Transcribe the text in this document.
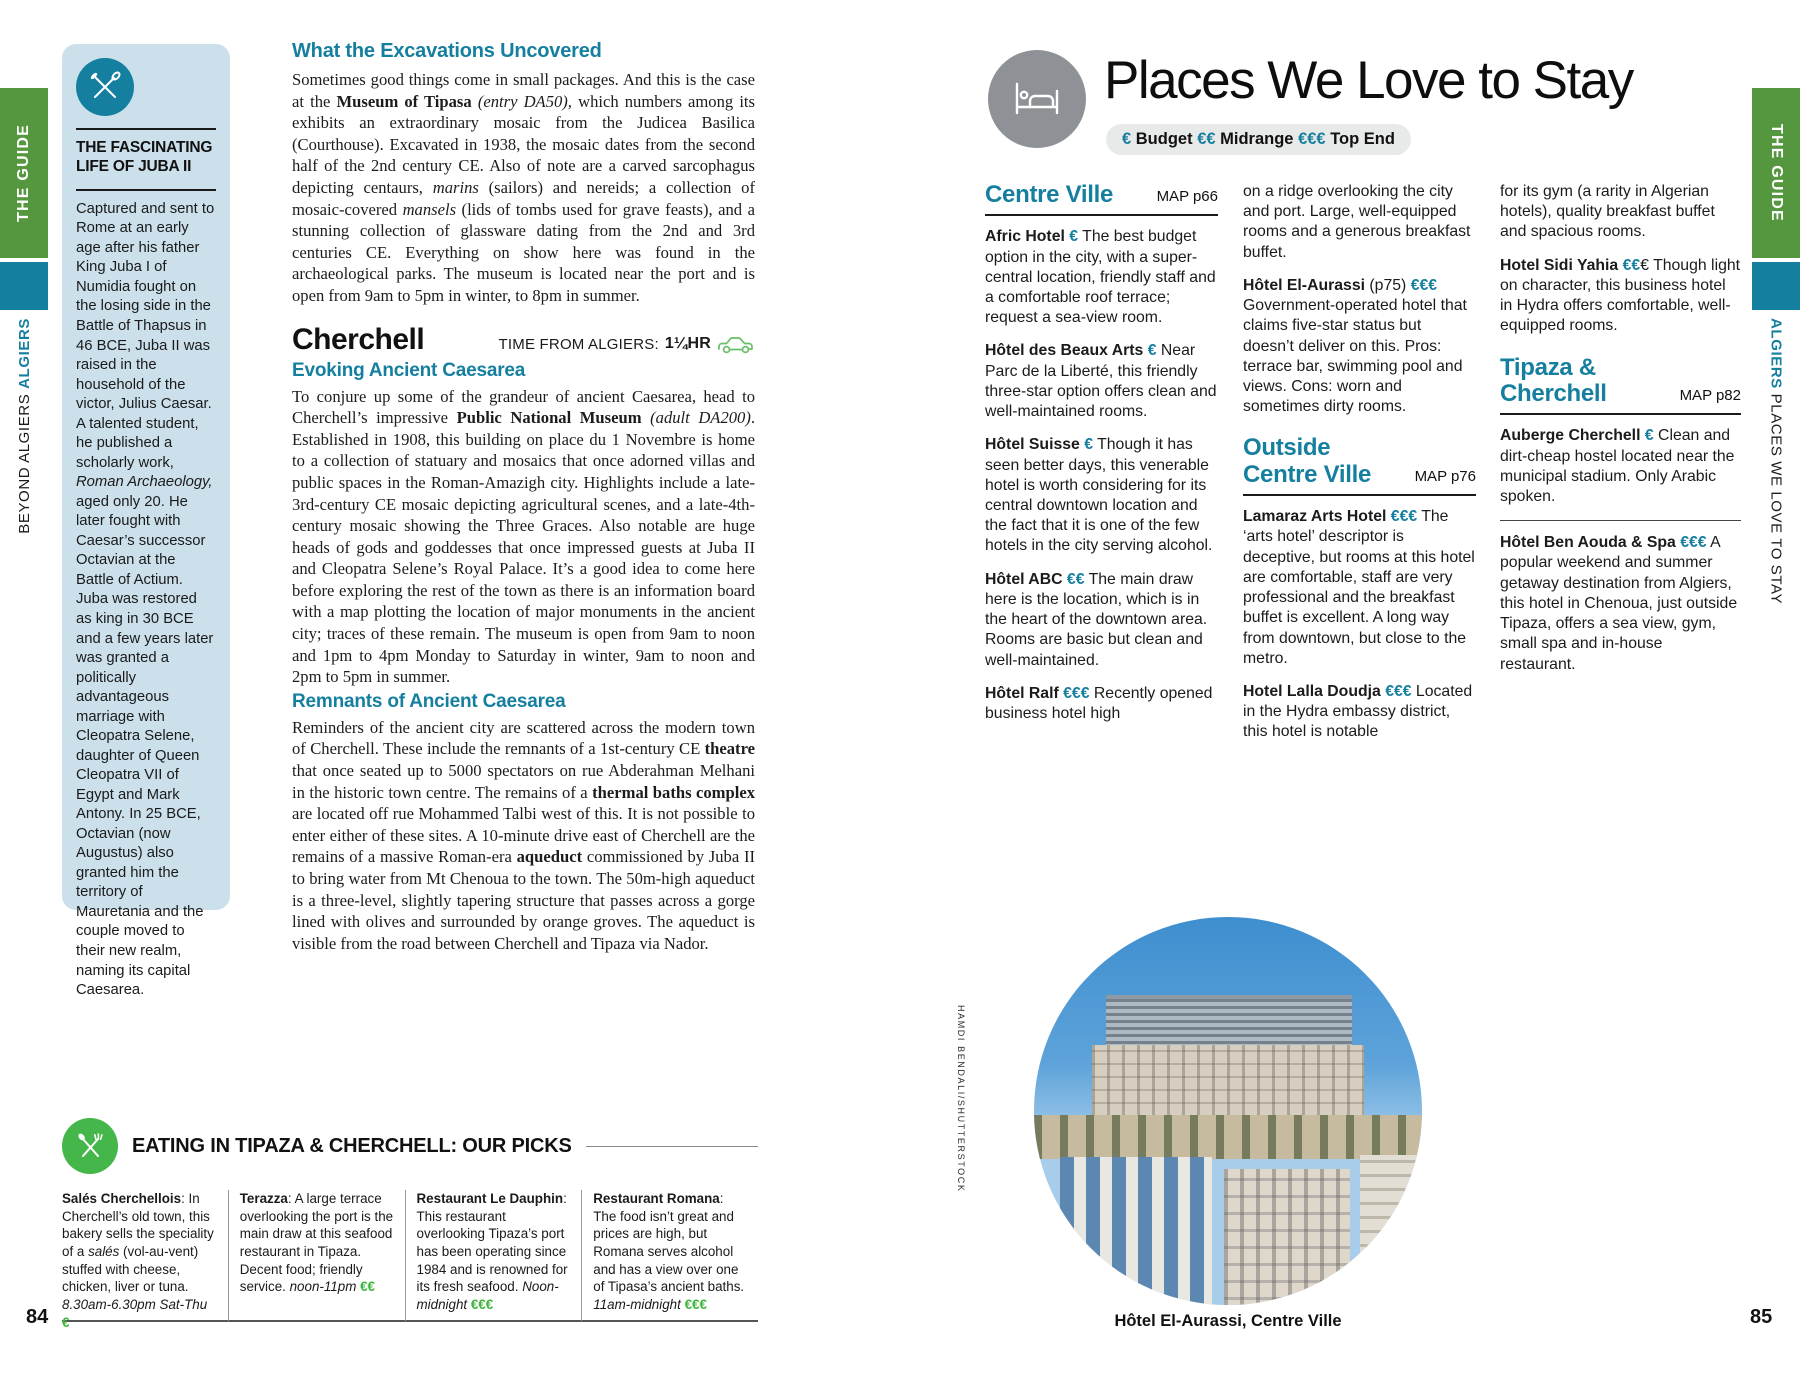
THE GUIDE
BEYOND ALGIERS ALGIERS
THE GUIDE
ALGIERS PLACES WE LOVE TO STAY
THE FASCINATING LIFE OF JUBA II
Captured and sent to Rome at an early age after his father King Juba I of Numidia fought on the losing side in the Battle of Thapsus in 46 BCE, Juba II was raised in the household of the victor, Julius Caesar. A talented student, he published a scholarly work, Roman Archaeology, aged only 20. He later fought with Caesar’s successor Octavian at the Battle of Actium. Juba was restored as king in 30 BCE and a few years later was granted a politically advantageous marriage with Cleopatra Selene, daughter of Queen Cleopatra VII of Egypt and Mark Antony. In 25 BCE, Octavian (now Augustus) also granted him the territory of Mauretania and the couple moved to their new realm, naming its capital Caesarea.
What the Excavations Uncovered

Sometimes good things come in small packages. And this is the case at the Museum of Tipasa (entry DA50), which numbers among its exhibits an extraordinary mosaic from the Judicea Basilica (Courthouse). Excavated in 1938, the mosaic dates from the second half of the 2nd century CE. Also of note are a carved sarcophagus depicting centaurs, marins (sailors) and nereids; a collection of mosaic-covered mansels (lids of tombs used for grave feasts), and a stunning collection of glassware dating from the 2nd and 3rd centuries CE. Everything on show here was found in the archaeological parks. The museum is located near the port and is open from 9am to 5pm in winter, to 8pm in summer.

Cherchell	TIME FROM ALGIERS: 1¼HR
Evoking Ancient Caesarea

To conjure up some of the grandeur of ancient Caesarea, head to Cherchell’s impressive Public National Museum (adult DA200). Established in 1908, this building on place du 1 Novembre is home to a collection of statuary and mosaics that once adorned villas and public spaces in the Roman-Amazigh city. Highlights include a late-3rd-century CE mosaic depicting agricultural scenes, and a late-4th-century mosaic showing the Three Graces. Also notable are huge heads of gods and goddesses that once impressed guests at Juba II and Cleopatra Selene’s Royal Palace. It’s a good idea to come here before exploring the rest of the town as there is an information board with a map plotting the location of major monuments in the ancient city; traces of these remain. The museum is open from 9am to noon and 1pm to 4pm Monday to Saturday in winter, 9am to noon and 2pm to 5pm in summer.

Remnants of Ancient Caesarea

Reminders of the ancient city are scattered across the modern town of Cherchell. These include the remnants of a 1st-century CE theatre that once seated up to 5000 spectators on rue Abderahman Melhani in the historic town centre. The remains of a thermal baths complex are located off rue Mohammed Talbi west of this. It is not possible to enter either of these sites. A 10-minute drive east of Cherchell are the remains of a massive Roman-era aqueduct commissioned by Juba II to bring water from Mt Chenoua to the town. The 50m-high aqueduct is a three-level, slightly tapering structure that passes across a gorge lined with olives and surrounded by orange groves. The aqueduct is visible from the road between Cherchell and Tipaza via Nador.

EATING IN TIPAZA & CHERCHELL: OUR PICKS
Salés Cherchellois: In Cherchell’s old town, this bakery sells the speciality of a salés (vol-au-vent) stuffed with cheese, chicken, liver or tuna. 8.30am-6.30pm Sat-Thu €
Terazza: A large terrace overlooking the port is the main draw at this seafood restaurant in Tipaza. Decent food; friendly service. noon-11pm €€
Restaurant Le Dauphin: This restaurant overlooking Tipaza’s port has been operating since 1984 and is renowned for its fresh seafood. Noon-midnight €€€
Restaurant Romana: The food isn’t great and prices are high, but Romana serves alcohol and has a view over one of Tipasa’s ancient baths. 11am-midnight €€€
84	85
Places We Love to Stay
€ Budget €€ Midrange €€€ Top End
Centre Ville	MAP p66

Afric Hotel € The best budget option in the city, with a super-central location, friendly staff and a comfortable roof terrace; request a sea-view room.

Hôtel des Beaux Arts € Near Parc de la Liberté, this friendly three-star option offers clean and well-maintained rooms.

Hôtel Suisse € Though it has seen better days, this venerable hotel is worth considering for its central downtown location and the fact that it is one of the few hotels in the city serving alcohol.

Hôtel ABC €€ The main draw here is the location, which is in the heart of the downtown area. Rooms are basic but clean and well-maintained.

Hôtel Ralf €€€ Recently opened business hotel high

on a ridge overlooking the city and port. Large, well-equipped rooms and a generous breakfast buffet.

Hôtel El-Aurassi (p75) €€€ Government-operated hotel that claims five-star status but doesn’t deliver on this. Pros: terrace bar, swimming pool and views. Cons: worn and sometimes dirty rooms.

Outside
Centre Ville	MAP p76

Lamaraz Arts Hotel €€€ The ‘arts hotel’ descriptor is deceptive, but rooms at this hotel are comfortable, staff are very professional and the breakfast buffet is excellent. A long way from downtown, but close to the metro.

Hotel Lalla Doudja €€€ Located in the Hydra embassy district, this hotel is notable

for its gym (a rarity in Algerian hotels), quality breakfast buffet and spacious rooms.

Hotel Sidi Yahia €€€ Though light on character, this business hotel in Hydra offers comfortable, well-equipped rooms.

Tipaza &
Cherchell	MAP p82

Auberge Cherchell € Clean and dirt-cheap hostel located near the municipal stadium. Only Arabic spoken.

Hôtel Ben Aouda & Spa €€€ A popular weekend and summer getaway destination from Algiers, this hotel in Chenoua, just outside Tipaza, offers a sea view, gym, small spa and in-house restaurant.

HAMDI BENDALI/SHUTTERSTOCK
Hôtel El-Aurassi, Centre Ville
